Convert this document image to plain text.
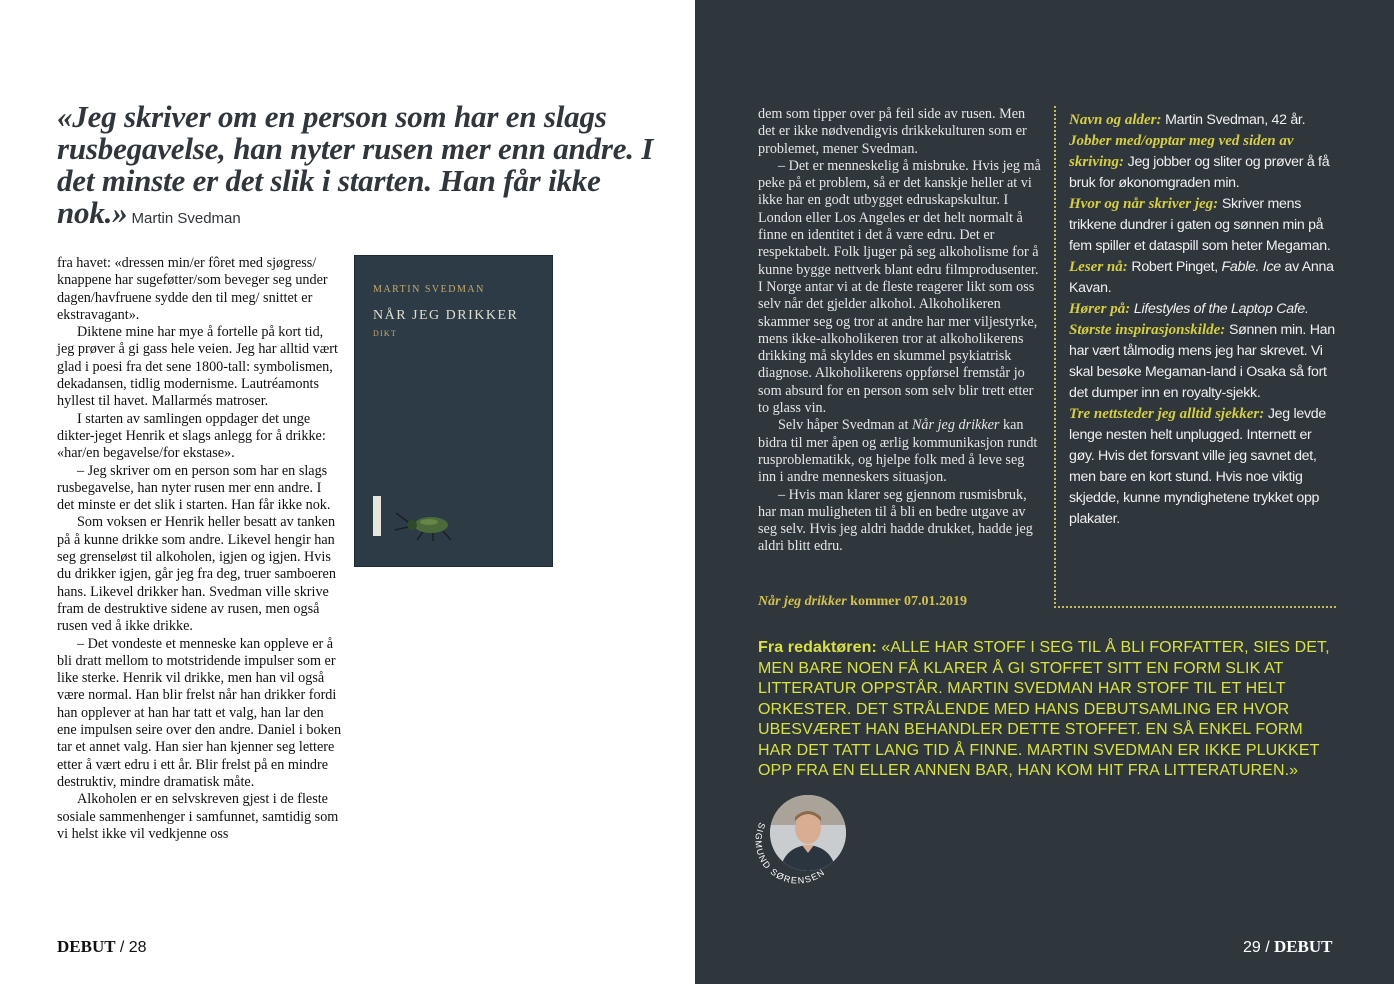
«Jeg skriver om en person som har en slags rusbegavelse, han nyter rusen mer enn andre. I det minste er det slik i starten. Han får ikke nok.» Martin Svedman

fra havet: «dressen min/er fôret med sjøgress/ knappene har sugeføtter/som beveger seg under dagen/havfruene sydde den til meg/ snittet er ekstravagant».

Diktene mine har mye å fortelle på kort tid, jeg prøver å gi gass hele veien. Jeg har alltid vært glad i poesi fra det sene 1800-tall: symbolismen, dekadansen, tidlig modernisme. Lautréamonts hyllest til havet. Mallarmés matroser.

I starten av samlingen oppdager det unge dikter-jeget Henrik et slags anlegg for å drikke: «har/en begavelse/for ekstase».

– Jeg skriver om en person som har en slags rusbegavelse, han nyter rusen mer enn andre. I det minste er det slik i starten. Han får ikke nok.

Som voksen er Henrik heller besatt av tanken på å kunne drikke som andre. Likevel hengir han seg grenseløst til alkoholen, igjen og igjen. Hvis du drikker igjen, går jeg fra deg, truer samboeren hans. Likevel drikker han. Svedman ville skrive fram de destruktive sidene av rusen, men også rusen ved å ikke drikke.

– Det vondeste et menneske kan oppleve er å bli dratt mellom to motstridende impulser som er like sterke. Henrik vil drikke, men han vil også være normal. Han blir frelst når han drikker fordi han opplever at han har tatt et valg, han lar den ene impulsen seire over den andre. Daniel i boken tar et annet valg. Han sier han kjenner seg lettere etter å vært edru i ett år. Blir frelst på en mindre destruktiv, mindre dramatisk måte.

Alkoholen er en selvskreven gjest i de fleste sosiale sammenhenger i samfunnet, samtidig som vi helst ikke vil vedkjenne oss

MARTIN SVEDMAN
NÅR JEG DRIKKER
DIKT
DEBUT / 28

dem som tipper over på feil side av rusen. Men det er ikke nødvendigvis drikkekulturen som er problemet, mener Svedman.

– Det er menneskelig å misbruke. Hvis jeg må peke på et problem, så er det kanskje heller at vi ikke har en godt utbygget edruskapskultur. I London eller Los Angeles er det helt normalt å finne en identitet i det å være edru. Det er respektabelt. Folk ljuger på seg alkoholisme for å kunne bygge nettverk blant edru filmprodusenter. I Norge antar vi at de fleste reagerer likt som oss selv når det gjelder alkohol. Alkoholikeren skammer seg og tror at andre har mer viljestyrke, mens ikke-alkoholikeren tror at alkoholikerens drikking må skyldes en skummel psykiatrisk diagnose. Alkoholikerens oppførsel fremstår jo som absurd for en person som selv blir trett etter to glass vin.

Selv håper Svedman at Når jeg drikker kan bidra til mer åpen og ærlig kommunikasjon rundt rusproblematikk, og hjelpe folk med å leve seg inn i andre menneskers situasjon.

– Hvis man klarer seg gjennom rusmisbruk, har man muligheten til å bli en bedre utgave av seg selv. Hvis jeg aldri hadde drukket, hadde jeg aldri blitt edru.

Når jeg drikker kommer 07.01.2019
Navn og alder: Martin Svedman, 42 år.
Jobber med/opptar meg ved siden av skriving: Jeg jobber og sliter og prøver å få bruk for økonomgraden min.
Hvor og når skriver jeg: Skriver mens trikkene dundrer i gaten og sønnen min på fem spiller et dataspill som heter Megaman.
Leser nå: Robert Pinget, Fable. Ice av Anna Kavan.
Hører på: Lifestyles of the Laptop Cafe.
Største inspirasjonskilde: Sønnen min. Han har vært tålmodig mens jeg har skrevet. Vi skal besøke Megaman-land i Osaka så fort det dumper inn en royalty-sjekk.
Tre nettsteder jeg alltid sjekker: Jeg levde lenge nesten helt unplugged. Internett er gøy. Hvis det forsvant ville jeg savnet det, men bare en kort stund. Hvis noe viktig skjedde, kunne myndighetene trykket opp plakater.
Fra redaktøren: «ALLE HAR STOFF I SEG TIL Å BLI FORFATTER, SIES DET, MEN BARE NOEN FÅ KLARER Å GI STOFFET SITT EN FORM SLIK AT LITTERATUR OPPSTÅR. MARTIN SVEDMAN HAR STOFF TIL ET HELT ORKESTER. DET STRÅLENDE MED HANS DEBUTSAMLING ER HVOR UBESVÆRET HAN BEHANDLER DETTE STOFFET. EN SÅ ENKEL FORM HAR DET TATT LANG TID Å FINNE. MARTIN SVEDMAN ER IKKE PLUKKET OPP FRA EN ELLER ANNEN BAR, HAN KOM HIT FRA LITTERATUREN.»
SIGMUND SØRENSEN
29 / DEBUT
